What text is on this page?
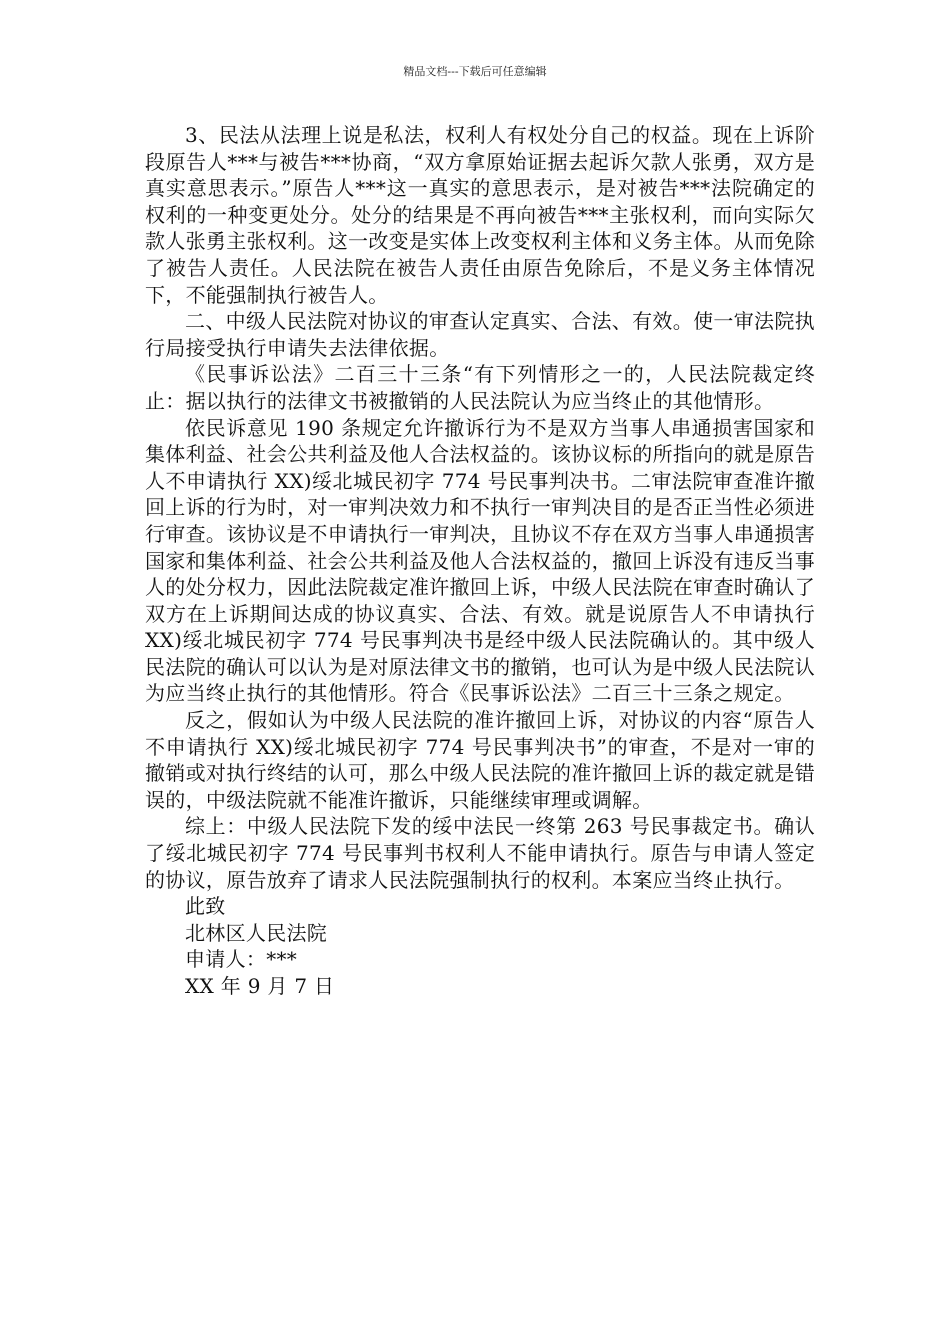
精品文档---下载后可任意编辑

3、民法从法理上说是私法，权利人有权处分自己的权益。现在上诉阶段原告人***与被告***协商，“双方拿原始证据去起诉欠款人张勇，双方是真实意思表示。”原告人***这一真实的意思表示，是对被告***法院确定的权利的一种变更处分。处分的结果是不再向被告***主张权利，而向实际欠款人张勇主张权利。这一改变是实体上改变权利主体和义务主体。从而免除了被告人责任。人民法院在被告人责任由原告免除后，不是义务主体情况下，不能强制执行被告人。

二、中级人民法院对协议的审查认定真实、合法、有效。使一审法院执行局接受执行申请失去法律依据。

《民事诉讼法》二百三十三条“有下列情形之一的，人民法院裁定终止：据以执行的法律文书被撤销的人民法院认为应当终止的其他情形。

依民诉意见 190 条规定允许撤诉行为不是双方当事人串通损害国家和集体利益、社会公共利益及他人合法权益的。该协议标的所指向的就是原告人不申请执行 XX)绥北城民初字 774 号民事判决书。二审法院审查准许撤回上诉的行为时，对一审判决效力和不执行一审判决目的是否正当性必须进行审查。该协议是不申请执行一审判决，且协议不存在双方当事人串通损害国家和集体利益、社会公共利益及他人合法权益的，撤回上诉没有违反当事人的处分权力，因此法院裁定准许撤回上诉，中级人民法院在审查时确认了双方在上诉期间达成的协议真实、合法、有效。就是说原告人不申请执行 XX)绥北城民初字 774 号民事判决书是经中级人民法院确认的。其中级人民法院的确认可以认为是对原法律文书的撤销，也可认为是中级人民法院认为应当终止执行的其他情形。符合《民事诉讼法》二百三十三条之规定。

反之，假如认为中级人民法院的准许撤回上诉，对协议的内容“原告人不申请执行 XX)绥北城民初字 774 号民事判决书”的审查，不是对一审的撤销或对执行终结的认可，那么中级人民法院的准许撤回上诉的裁定就是错误的，中级法院就不能准许撤诉，只能继续审理或调解。

综上：中级人民法院下发的绥中法民一终第 263 号民事裁定书。确认了绥北城民初字 774 号民事判书权利人不能申请执行。原告与申请人签定的协议，原告放弃了请求人民法院强制执行的权利。本案应当终止执行。

此致

北林区人民法院

申请人：***

XX 年 9 月 7 日
